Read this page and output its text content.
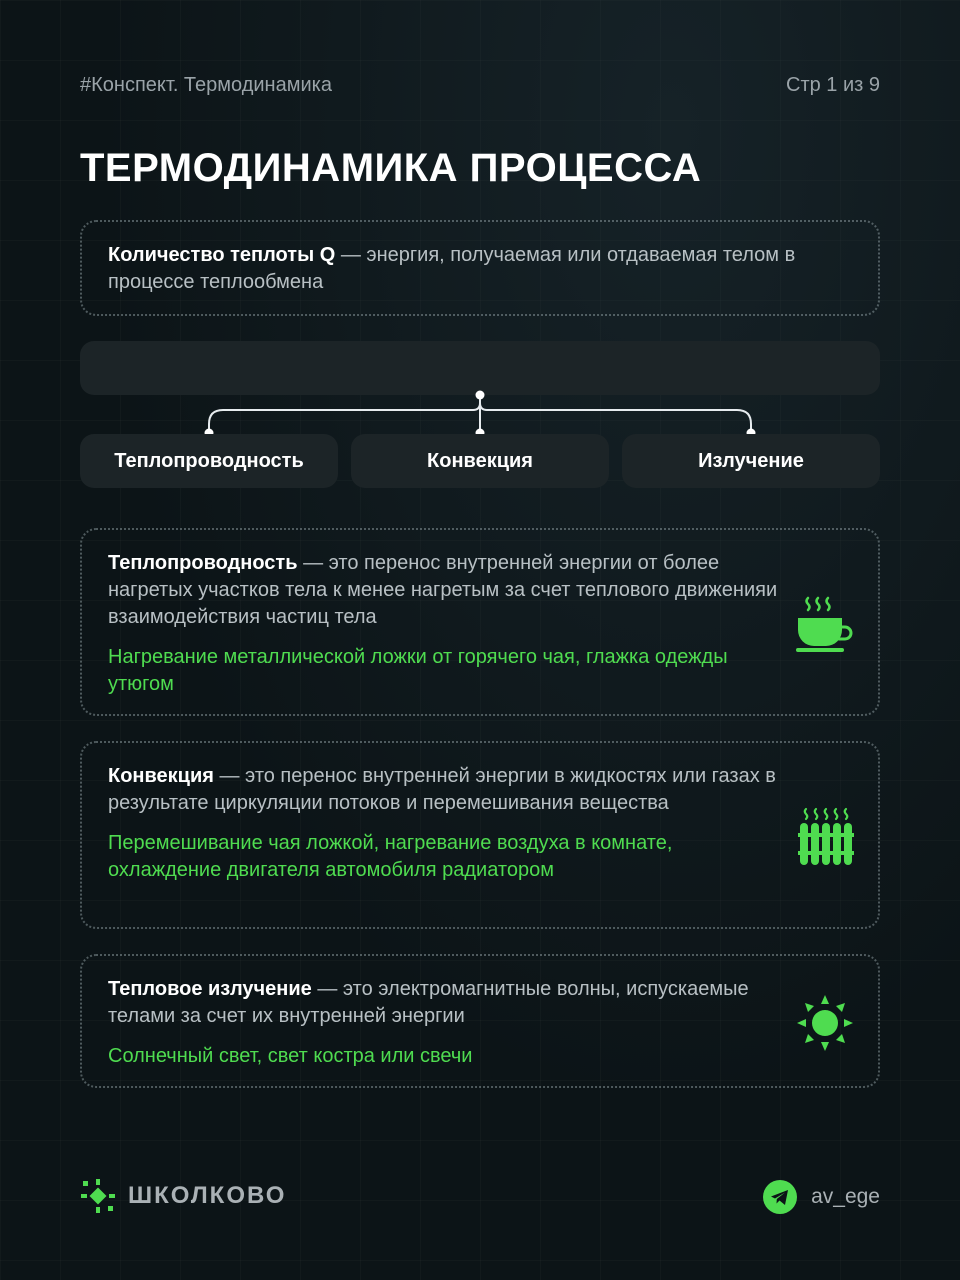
#Конспект. Термодинамика	Стр 1 из 9
ТЕРМОДИНАМИКА ПРОЦЕССА
Количество теплоты Q — энергия, получаемая или отдаваемая телом в процессе теплообмена
Теплопроводность	Конвекция	Излучение
Теплопроводность — это перенос внутренней энергии от более нагретых участков тела к менее нагретым за счет теплового движенияи взаимодействия частиц тела
Нагревание металлической ложки от горячего чая, глажка одежды утюгом
Конвекция — это перенос внутренней энергии в жидкостях или газах в результате циркуляции потоков и перемешивания вещества
Перемешивание чая ложкой, нагревание воздуха в комнате, охлаждение двигателя автомобиля радиатором
Тепловое излучение — это электромагнитные волны, испускаемые телами за счет их внутренней энергии
Солнечный свет, свет костра или свечи
ШКОЛКОВО	av_ege
